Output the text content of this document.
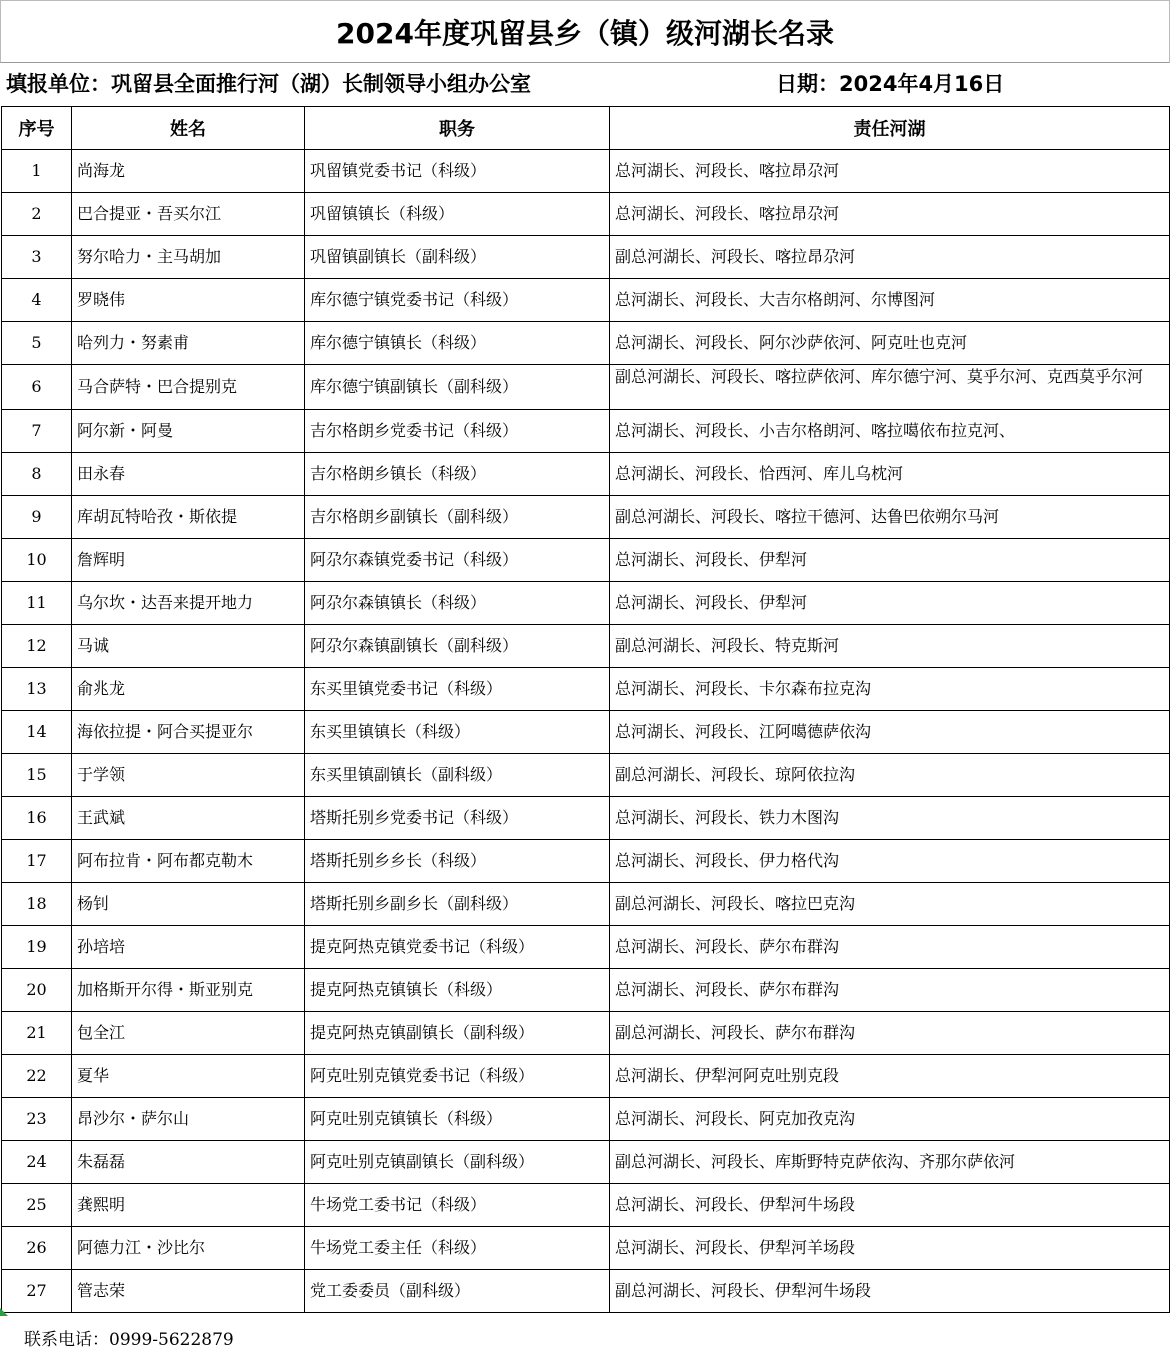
2024年度巩留县乡（镇）级河湖长名录
填报单位：巩留县全面推行河（湖）长制领导小组办公室	日期：2024年4月16日
序号	姓名	职务	责任河湖
1	尚海龙	巩留镇党委书记（科级）	总河湖长、河段长、喀拉昂尕河
2	巴合提亚・吾买尔江	巩留镇镇长（科级）	总河湖长、河段长、喀拉昂尕河
3	努尔哈力・主马胡加	巩留镇副镇长（副科级）	副总河湖长、河段长、喀拉昂尕河
4	罗晓伟	库尔德宁镇党委书记（科级）	总河湖长、河段长、大吉尔格朗河、尔博图河
5	哈列力・努素甫	库尔德宁镇镇长（科级）	总河湖长、河段长、阿尔沙萨依河、阿克吐也克河
6	马合萨特・巴合提别克	库尔德宁镇副镇长（副科级）	副总河湖长、河段长、喀拉萨依河、库尔德宁河、莫乎尔河、克西莫乎尔河
7	阿尔新・阿曼	吉尔格朗乡党委书记（科级）	总河湖长、河段长、小吉尔格朗河、喀拉噶依布拉克河、
8	田永春	吉尔格朗乡镇长（科级）	总河湖长、河段长、恰西河、库儿乌枕河
9	库胡瓦特哈孜・斯依提	吉尔格朗乡副镇长（副科级）	副总河湖长、河段长、喀拉干德河、达鲁巴依朔尔马河
10	詹辉明	阿尕尔森镇党委书记（科级）	总河湖长、河段长、伊犁河
11	乌尔坎・达吾来提开地力	阿尕尔森镇镇长（科级）	总河湖长、河段长、伊犁河
12	马诚	阿尕尔森镇副镇长（副科级）	副总河湖长、河段长、特克斯河
13	俞兆龙	东买里镇党委书记（科级）	总河湖长、河段长、卡尔森布拉克沟
14	海依拉提・阿合买提亚尔	东买里镇镇长（科级）	总河湖长、河段长、江阿噶德萨依沟
15	于学领	东买里镇副镇长（副科级）	副总河湖长、河段长、琼阿依拉沟
16	王武斌	塔斯托别乡党委书记（科级）	总河湖长、河段长、铁力木图沟
17	阿布拉肯・阿布都克勒木	塔斯托别乡乡长（科级）	总河湖长、河段长、伊力格代沟
18	杨钊	塔斯托别乡副乡长（副科级）	副总河湖长、河段长、喀拉巴克沟
19	孙培培	提克阿热克镇党委书记（科级）	总河湖长、河段长、萨尔布群沟
20	加格斯开尔得・斯亚别克	提克阿热克镇镇长（科级）	总河湖长、河段长、萨尔布群沟
21	包全江	提克阿热克镇副镇长（副科级）	副总河湖长、河段长、萨尔布群沟
22	夏华	阿克吐别克镇党委书记（科级）	总河湖长、伊犁河阿克吐别克段
23	昂沙尔・萨尔山	阿克吐别克镇镇长（科级）	总河湖长、河段长、阿克加孜克沟
24	朱磊磊	阿克吐别克镇副镇长（副科级）	副总河湖长、河段长、库斯野特克萨依沟、齐那尔萨依河
25	龚熙明	牛场党工委书记（科级）	总河湖长、河段长、伊犁河牛场段
26	阿德力江・沙比尔	牛场党工委主任（科级）	总河湖长、河段长、伊犁河羊场段
27	管志荣	党工委委员（副科级）	副总河湖长、河段长、伊犁河牛场段
联系电话：0999-5622879
